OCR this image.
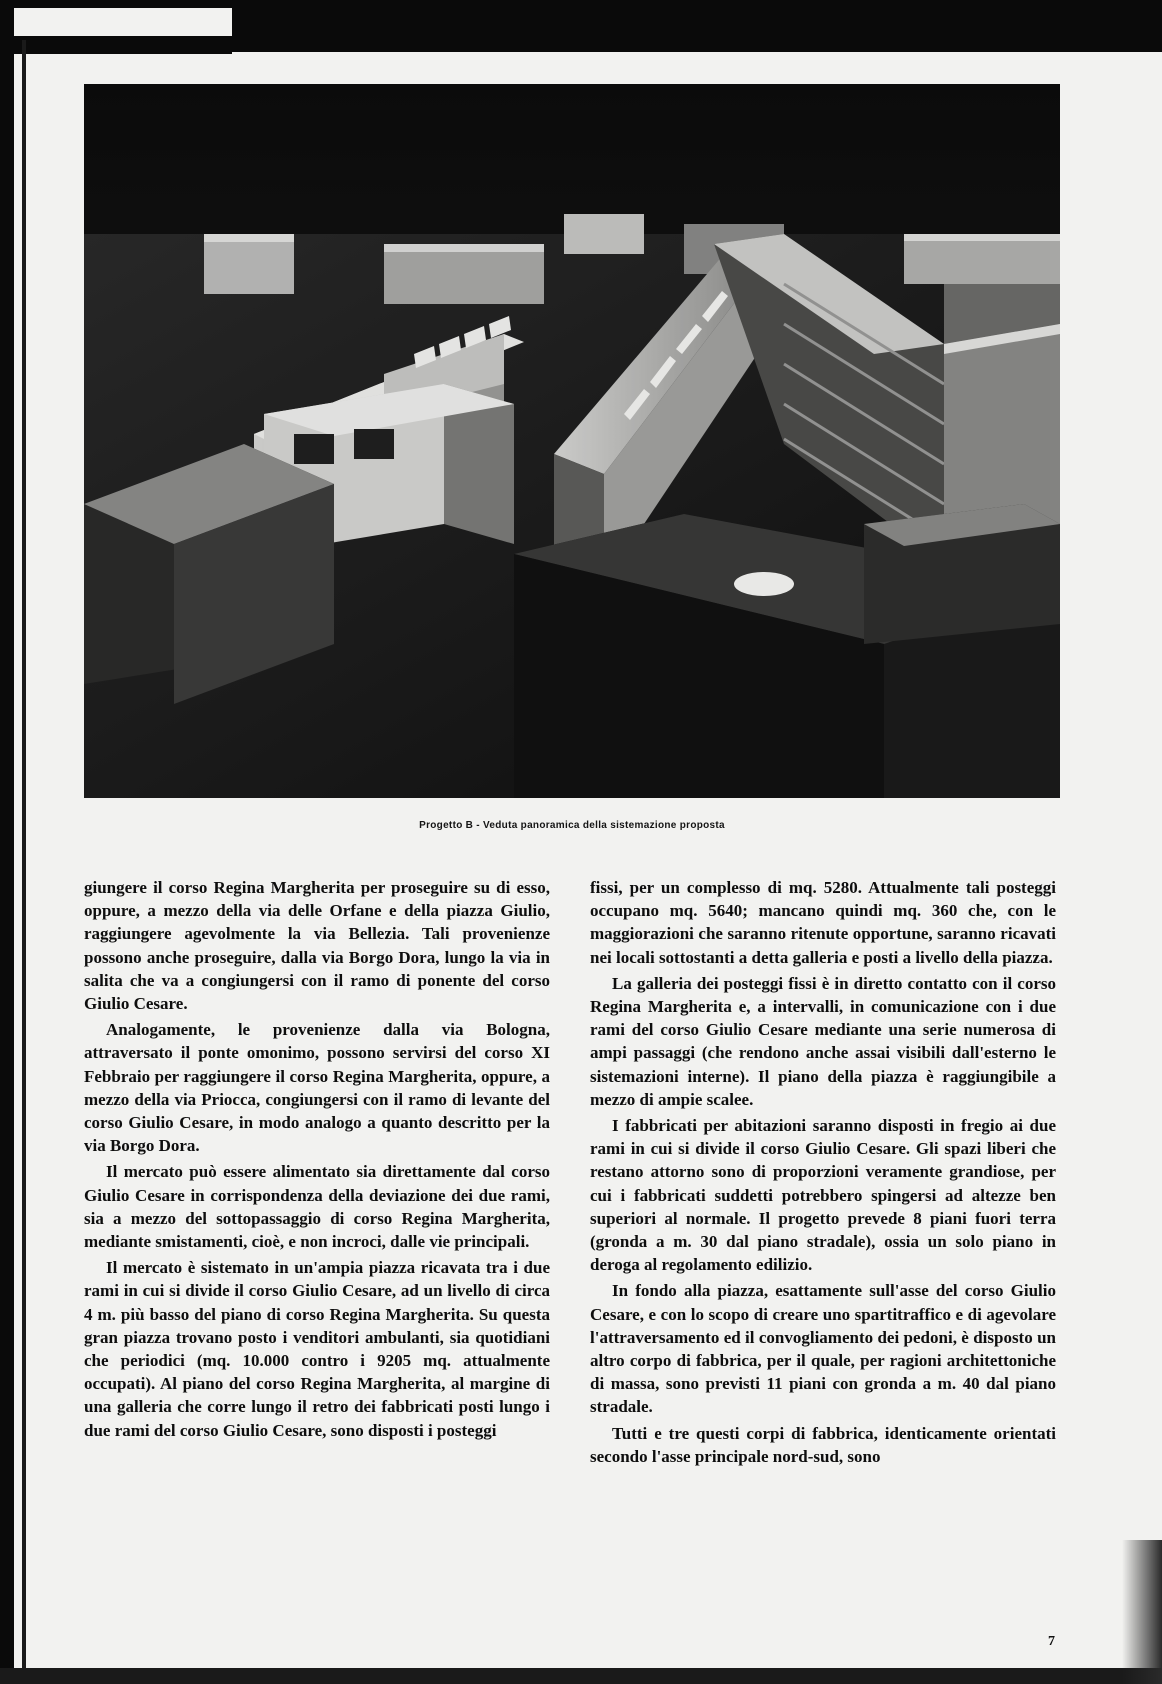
Progetto B - Veduta panoramica della sistemazione proposta

giungere il corso Regina Margherita per proseguire su di esso, oppure, a mezzo della via delle Orfane e della piazza Giulio, raggiungere agevolmente la via Bellezia. Tali provenienze possono anche proseguire, dalla via Borgo Dora, lungo la via in salita che va a congiungersi con il ramo di ponente del corso Giulio Cesare.

Analogamente, le provenienze dalla via Bologna, attraversato il ponte omonimo, possono servirsi del corso XI Febbraio per raggiungere il corso Regina Margherita, oppure, a mezzo della via Priocca, congiungersi con il ramo di levante del corso Giulio Cesare, in modo analogo a quanto descritto per la via Borgo Dora.

Il mercato può essere alimentato sia direttamente dal corso Giulio Cesare in corrispondenza della deviazione dei due rami, sia a mezzo del sottopassaggio di corso Regina Margherita, mediante smistamenti, cioè, e non incroci, dalle vie principali.

Il mercato è sistemato in un'ampia piazza ricavata tra i due rami in cui si divide il corso Giulio Cesare, ad un livello di circa 4 m. più basso del piano di corso Regina Margherita. Su questa gran piazza trovano posto i venditori ambulanti, sia quotidiani che periodici (mq. 10.000 contro i 9205 mq. attualmente occupati). Al piano del corso Regina Margherita, al margine di una galleria che corre lungo il retro dei fabbricati posti lungo i due rami del corso Giulio Cesare, sono disposti i posteggi

fissi, per un complesso di mq. 5280. Attualmente tali posteggi occupano mq. 5640; mancano quindi mq. 360 che, con le maggiorazioni che saranno ritenute opportune, saranno ricavati nei locali sottostanti a detta galleria e posti a livello della piazza.

La galleria dei posteggi fissi è in diretto contatto con il corso Regina Margherita e, a intervalli, in comunicazione con i due rami del corso Giulio Cesare mediante una serie numerosa di ampi passaggi (che rendono anche assai visibili dall'esterno le sistemazioni interne). Il piano della piazza è raggiungibile a mezzo di ampie scalee.

I fabbricati per abitazioni saranno disposti in fregio ai due rami in cui si divide il corso Giulio Cesare. Gli spazi liberi che restano attorno sono di proporzioni veramente grandiose, per cui i fabbricati suddetti potrebbero spingersi ad altezze ben superiori al normale. Il progetto prevede 8 piani fuori terra (gronda a m. 30 dal piano stradale), ossia un solo piano in deroga al regolamento edilizio.

In fondo alla piazza, esattamente sull'asse del corso Giulio Cesare, e con lo scopo di creare uno spartitraffico e di agevolare l'attraversamento ed il convogliamento dei pedoni, è disposto un altro corpo di fabbrica, per il quale, per ragioni architettoniche di massa, sono previsti 11 piani con gronda a m. 40 dal piano stradale.

Tutti e tre questi corpi di fabbrica, identicamente orientati secondo l'asse principale nord-sud, sono

7
